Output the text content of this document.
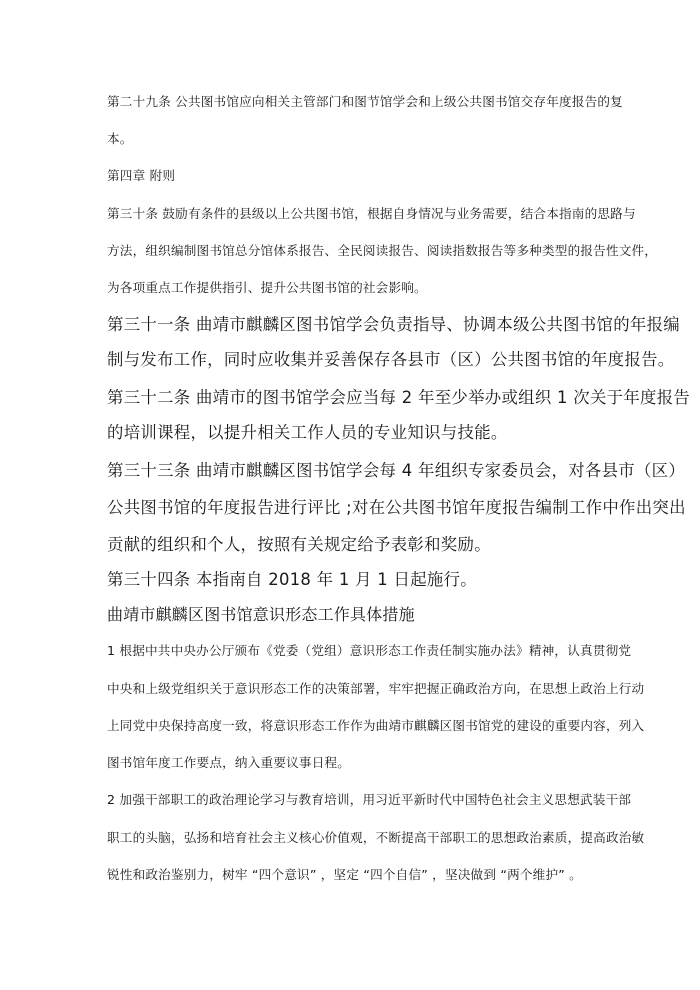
第二十九条 公共图书馆应向相关主管部门和图节馆学会和上级公共图书馆交存年度报告的复
本。
第四章 附则
第三十条 鼓励有条件的县级以上公共图书馆，根据自身情况与业务需要，结合本指南的思路与
方法，组织编制图书馆总分馆体系报告、全民阅读报告、阅读指数报告等多种类型的报告性文件，
为各项重点工作提供指引、提升公共图书馆的社会影响。
第三十一条 曲靖市麒麟区图书馆学会负责指导、协调本级公共图书馆的年报编
制与发布工作，同时应收集并妥善保存各县市（区）公共图书馆的年度报告。
第三十二条 曲靖市的图书馆学会应当每 2 年至少举办或组织 1 次关于年度报告
的培训课程，以提升相关工作人员的专业知识与技能。
第三十三条 曲靖市麒麟区图书馆学会每 4 年组织专家委员会，对各县市（区）
公共图书馆的年度报告进行评比 ;对在公共图书馆年度报告编制工作中作出突出
贡献的组织和个人，按照有关规定给予表彰和奖励。
第三十四条 本指南自 2018 年 1 月 1 日起施行。
曲靖市麒麟区图书馆意识形态工作具体措施
1 根据中共中央办公厅颁布《党委（党组）意识形态工作责任制实施办法》精神，认真贯彻党
中央和上级党组织关于意识形态工作的决策部署，牢牢把握正确政治方向，在思想上政治上行动
上同党中央保持高度一致，将意识形态工作作为曲靖市麒麟区图书馆党的建设的重要内容，列入
图书馆年度工作要点，纳入重要议事日程。
2 加强干部职工的政治理论学习与教育培训，用习近平新时代中国特色社会主义思想武装干部
职工的头脑，弘扬和培育社会主义核心价值观，不断提高干部职工的思想政治素质，提高政治敏
锐性和政治鉴别力，树牢 “四个意识” ，坚定 “四个自信” ，坚决做到 “两个维护” 。
